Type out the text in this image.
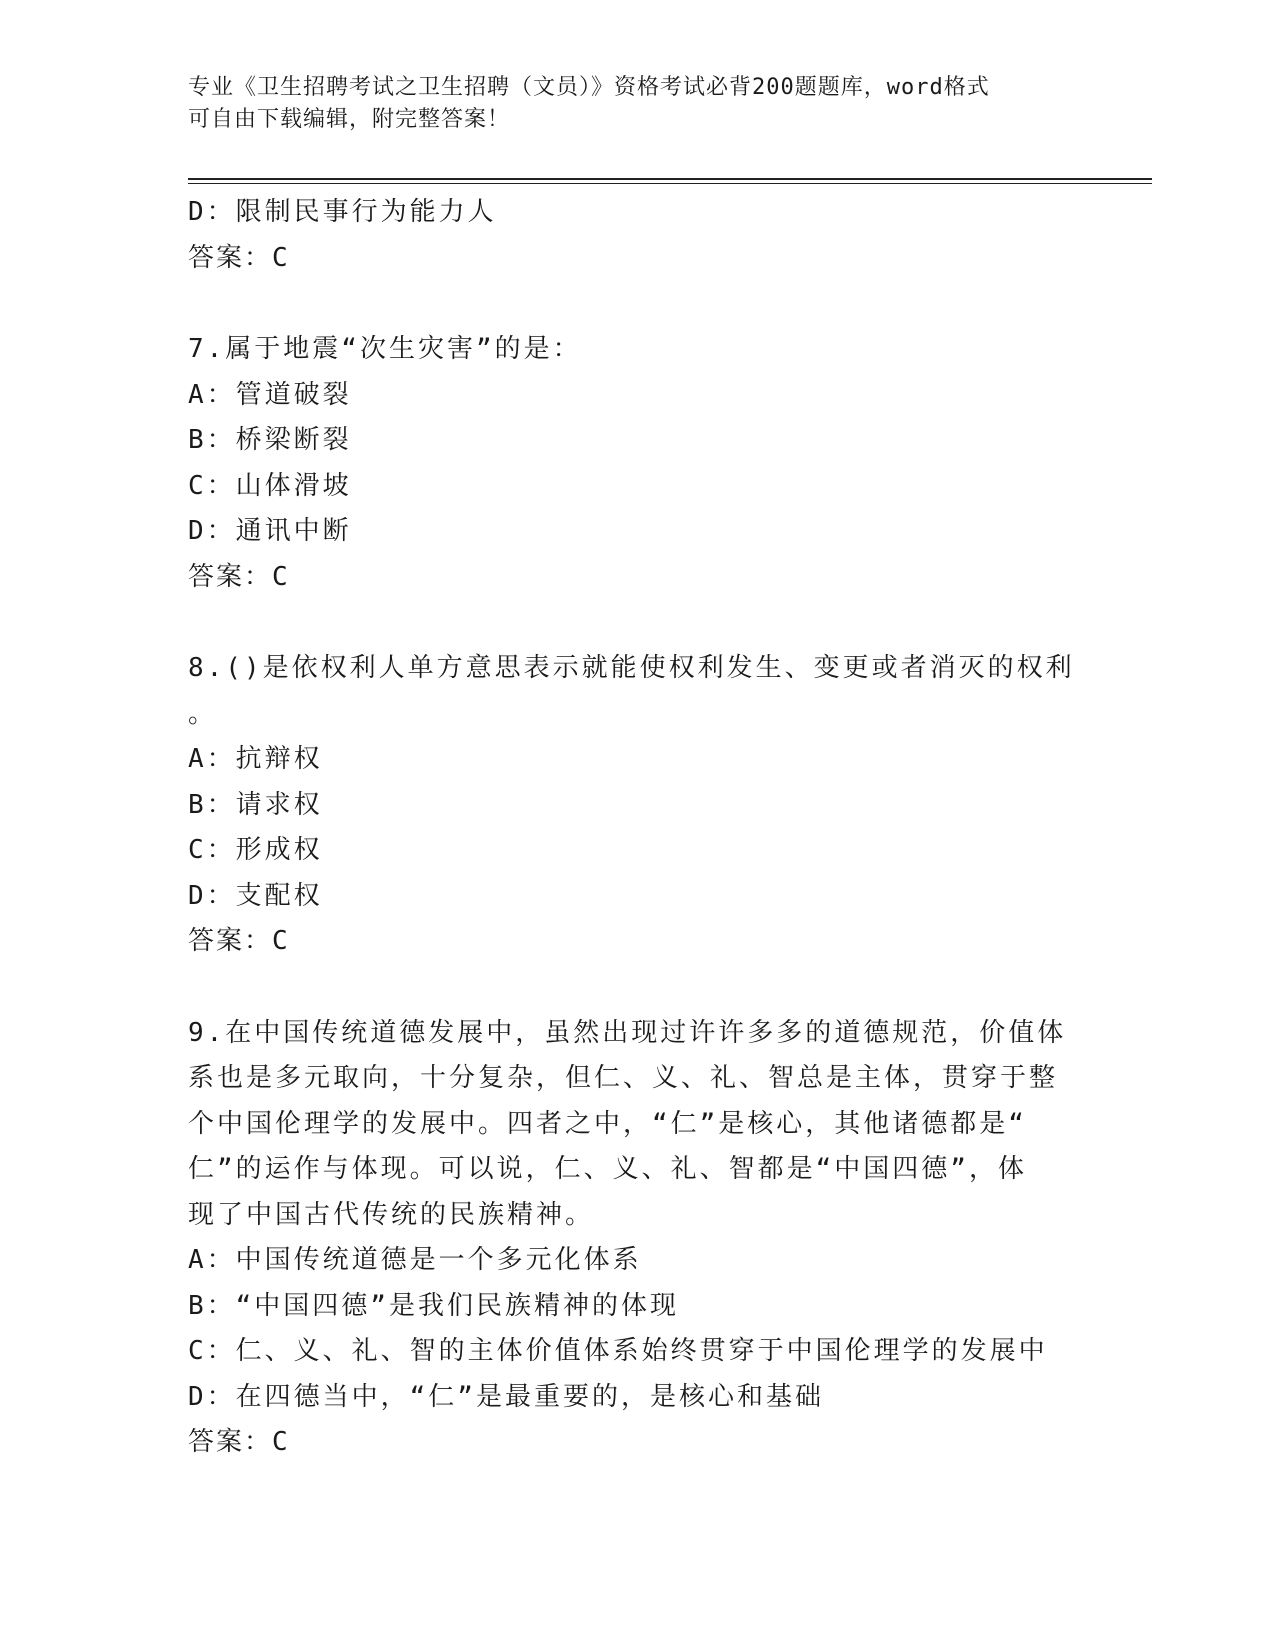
专业《卫生招聘考试之卫生招聘（文员）》资格考试必背200题题库，word格式
可自由下载编辑，附完整答案！
D：限制民事行为能力人
答案：C
7.属于地震“次生灾害”的是：
A：管道破裂
B：桥梁断裂
C：山体滑坡
D：通讯中断
答案：C
8.()是依权利人单方意思表示就能使权利发生、变更或者消灭的权利
。
A：抗辩权
B：请求权
C：形成权
D：支配权
答案：C
9.在中国传统道德发展中，虽然出现过许许多多的道德规范，价值体
系也是多元取向，十分复杂，但仁、义、礼、智总是主体，贯穿于整
个中国伦理学的发展中。四者之中，“仁”是核心，其他诸德都是“
仁”的运作与体现。可以说，仁、义、礼、智都是“中国四德”，体
现了中国古代传统的民族精神。
A：中国传统道德是一个多元化体系
B：“中国四德”是我们民族精神的体现
C：仁、义、礼、智的主体价值体系始终贯穿于中国伦理学的发展中
D：在四德当中，“仁”是最重要的，是核心和基础
答案：C
